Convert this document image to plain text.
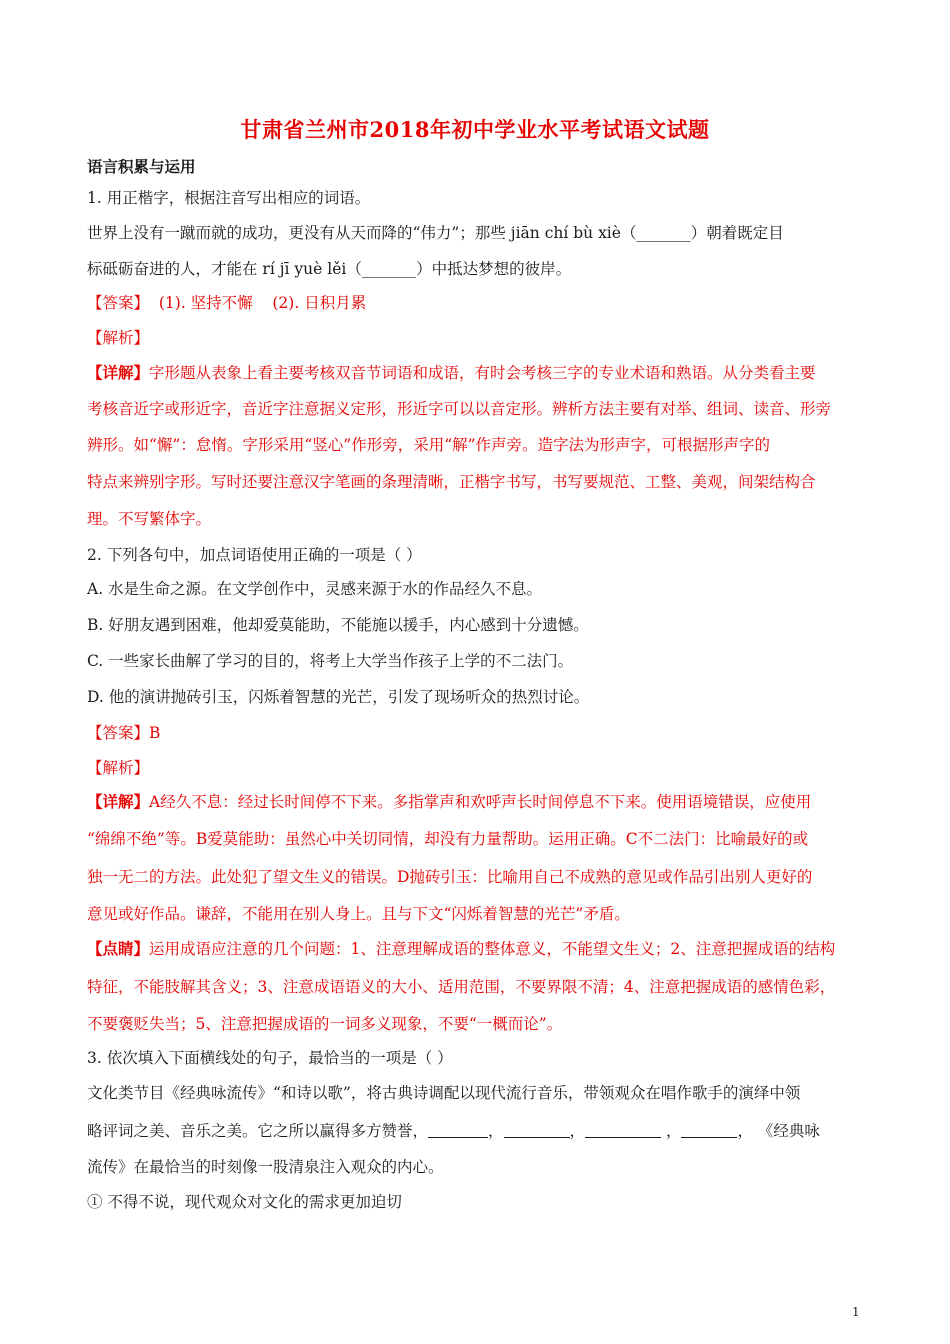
甘肃省兰州市2018年初中学业水平考试语文试题
语言积累与运用
1. 用正楷字，根据注音写出相应的词语。
世界上没有一蹴而就的成功，更没有从天而降的“伟力”；那些 jiān chí bù xiè（_______）朝着既定目
标砥砺奋进的人，才能在 rí jī yuè lěi（_______）中抵达梦想的彼岸。
【答案】  (1). 坚持不懈    (2). 日积月累
【解析】
【详解】字形题从表象上看主要考核双音节词语和成语，有时会考核三字的专业术语和熟语。从分类看主要
考核音近字或形近字，音近字注意据义定形，形近字可以以音定形。辨析方法主要有对举、组词、读音、形旁
辨形。如“懈”：怠惰。字形采用“竖心”作形旁，采用“解”作声旁。造字法为形声字，可根据形声字的
特点来辨别字形。写时还要注意汉字笔画的条理清晰，正楷字书写，书写要规范、工整、美观，间架结构合
理。不写繁体字。
2. 下列各句中，加点词语使用正确的一项是（ ）
A. 水是生命之源。在文学创作中，灵感来源于水的作品经久不息。
B. 好朋友遇到困难，他却爱莫能助，不能施以援手，内心感到十分遗憾。
C. 一些家长曲解了学习的目的，将考上大学当作孩子上学的不二法门。
D. 他的演讲抛砖引玉，闪烁着智慧的光芒，引发了现场听众的热烈讨论。
【答案】B
【解析】
【详解】A经久不息：经过长时间停不下来。多指掌声和欢呼声长时间停息不下来。使用语境错误，应使用
“绵绵不绝”等。B爱莫能助：虽然心中关切同情，却没有力量帮助。运用正确。C不二法门：比喻最好的或
独一无二的方法。此处犯了望文生义的错误。D抛砖引玉：比喻用自己不成熟的意见或作品引出别人更好的
意见或好作品。谦辞，不能用在别人身上。且与下文“闪烁着智慧的光芒”矛盾。
【点睛】运用成语应注意的几个问题：1、注意理解成语的整体意义，不能望文生义；2、注意把握成语的结构
特征，不能肢解其含义；3、注意成语语义的大小、适用范围，不要界限不清；4、注意把握成语的感情色彩，
不要褒贬失当；5、注意把握成语的一词多义现象，不要“一概而论”。
3. 依次填入下面横线处的句子，最恰当的一项是（ ）
文化类节目《经典咏流传》“和诗以歌”，将古典诗调配以现代流行音乐，带领观众在唱作歌手的演绎中领
略评词之美、音乐之美。它之所以赢得多方赞誉，	，	，	，	， 《经典咏
流传》在最恰当的时刻像一股清泉注入观众的内心。
① 不得不说，现代观众对文化的需求更加迫切
1
